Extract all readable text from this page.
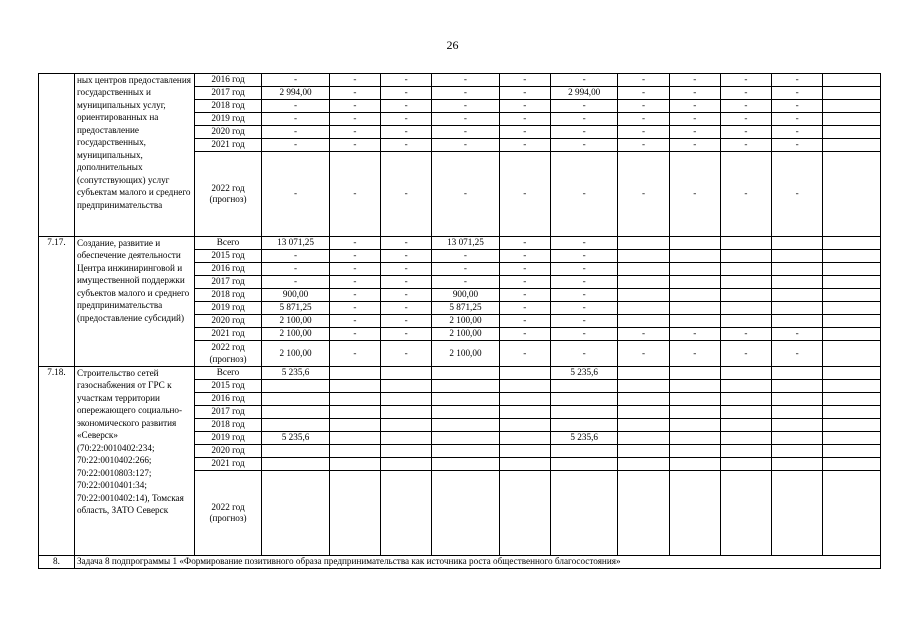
26
	ных центров предоставления государственных и муниципальных услуг, ориентированных на предоставление государственных, муниципальных, дополнительных (сопутствующих) услуг субъектам малого и среднего предпринимательства	2016 год	-	-	-	-	-	-	-	-	-	-	
		2017 год	2 994,00	-	-	-	-	2 994,00	-	-	-	-	
		2018 год	-	-	-	-	-	-	-	-	-	-	
		2019 год	-	-	-	-	-	-	-	-	-	-	
		2020 год	-	-	-	-	-	-	-	-	-	-	
		2021 год	-	-	-	-	-	-	-	-	-	-	
		2022 год (прогноз)	-	-	-	-	-	-	-	-	-	-	
7.17.	Создание, развитие и обеспечение деятельности Центра инжиниринговой и имущественной поддержки субъектов малого и среднего предпринимательства (предоставление субсидий)	Всего	13 071,25	-	-	13 071,25	-	-					
		2015 год	-	-	-	-	-	-					
		2016 год	-	-	-	-	-	-					
		2017 год	-	-	-	-	-	-					
		2018 год	900,00	-	-	900,00	-	-					
		2019 год	5 871,25	-	-	5 871,25	-	-					
		2020 год	2 100,00	-	-	2 100,00	-	-					
		2021 год	2 100,00	-	-	2 100,00	-	-	-	-	-	-	
		2022 год (прогноз)	2 100,00	-	-	2 100,00	-	-	-	-	-	-	
7.18.	Строительство сетей газоснабжения от ГРС к участкам территории опережающего социально-экономического развития «Северск» (70:22:0010402:234; 70:22:0010402:266; 70:22:0010803:127; 70:22:0010401:34; 70:22:0010402:14), Томская область, ЗАТО Северск	Всего	5 235,6					5 235,6					
		2015 год											
		2016 год											
		2017 год											
		2018 год											
		2019 год	5 235,6					5 235,6					
		2020 год											
		2021 год											
		2022 год (прогноз)											
8.	Задача 8 подпрограммы 1 «Формирование позитивного образа предпринимательства как источника роста общественного благосостояния»												
